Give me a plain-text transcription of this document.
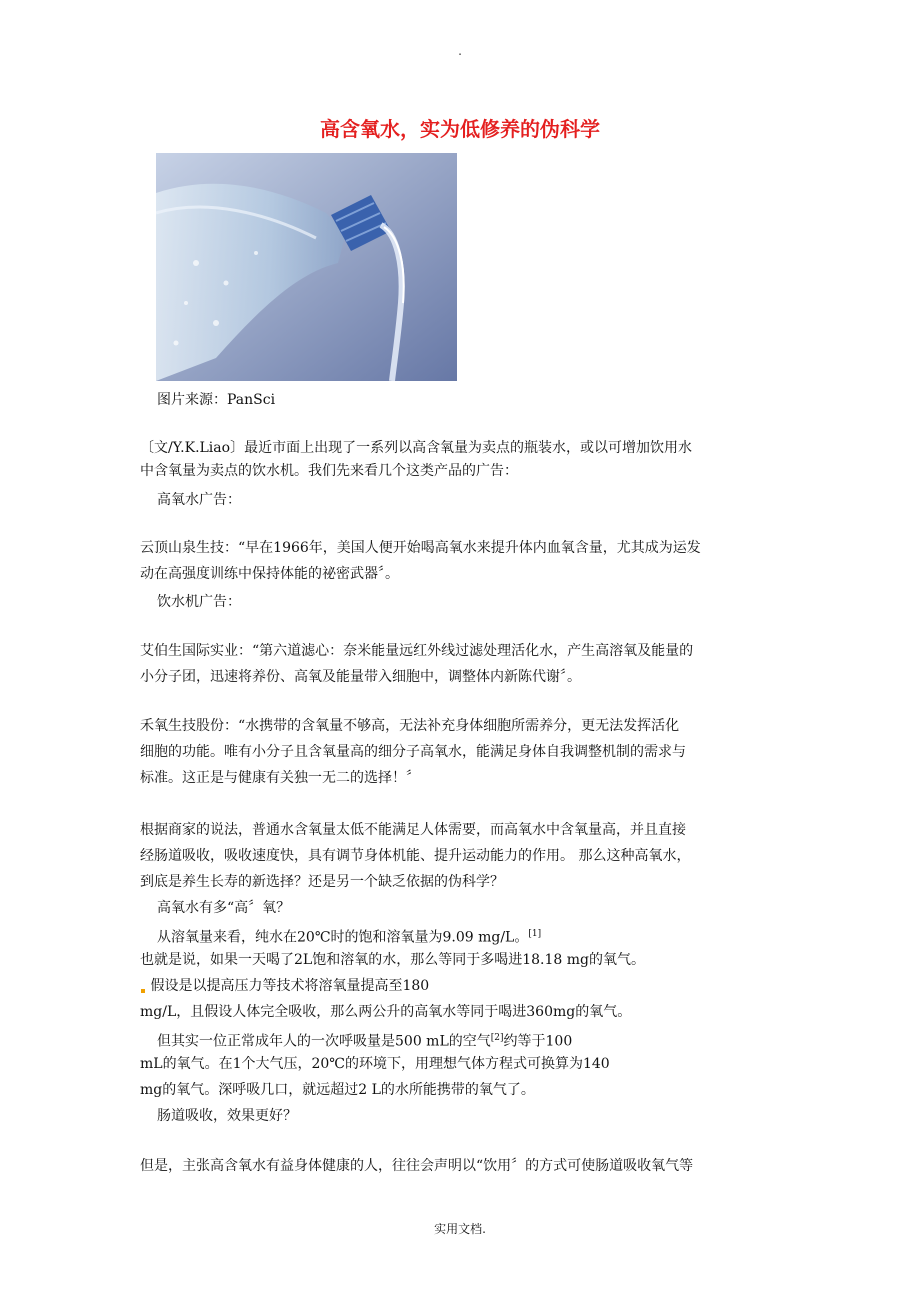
.
高含氧水，实为低修养的伪科学
图片来源：PanSci
〔文/Y.K.Liao〕最近市面上出现了一系列以高含氧量为卖点的瓶装水，或以可增加饮用水
中含氧量为卖点的饮水机。我们先来看几个这类产品的广告：
高氧水广告：
云顶山泉生技：“早在1966年，美国人便开始喝高氧水来提升体内血氧含量，尤其成为运发
动在高强度训练中保持体能的祕密武器〞。
饮水机广告：
艾伯生国际实业：“第六道滤心：奈米能量远红外线过滤处理活化水，产生高溶氧及能量的
小分子团，迅速将养份、高氧及能量带入细胞中，调整体内新陈代谢〞。
禾氧生技股份：“水携带的含氧量不够高，无法补充身体细胞所需养分，更无法发挥活化
细胞的功能。唯有小分子且含氧量高的细分子高氧水，能满足身体自我调整机制的需求与
标准。这正是与健康有关独一无二的选择！〞
根据商家的说法，普通水含氧量太低不能满足人体需要，而高氧水中含氧量高，并且直接
经肠道吸收，吸收速度快，具有调节身体机能、提升运动能力的作用。 那么这种高氧水，
到底是养生长寿的新选择？还是另一个缺乏依据的伪科学？
高氧水有多“高〞氧？
从溶氧量来看，纯水在20℃时的饱和溶氧量为9.09 mg/L。[1]
也就是说，如果一天喝了2L饱和溶氧的水，那么等同于多喝进18.18 mg的氧气。
假设是以提高压力等技术将溶氧量提高至180
mg/L，且假设人体完全吸收，那么两公升的高氧水等同于喝进360mg的氧气。
但其实一位正常成年人的一次呼吸量是500 mL的空气[2]约等于100
mL的氧气。在1个大气压，20℃的环境下，用理想气体方程式可换算为140
mg的氧气。深呼吸几口，就远超过2 L的水所能携带的氧气了。
肠道吸收，效果更好？
但是，主张高含氧水有益身体健康的人，往往会声明以“饮用〞的方式可使肠道吸收氧气等
实用文档.
